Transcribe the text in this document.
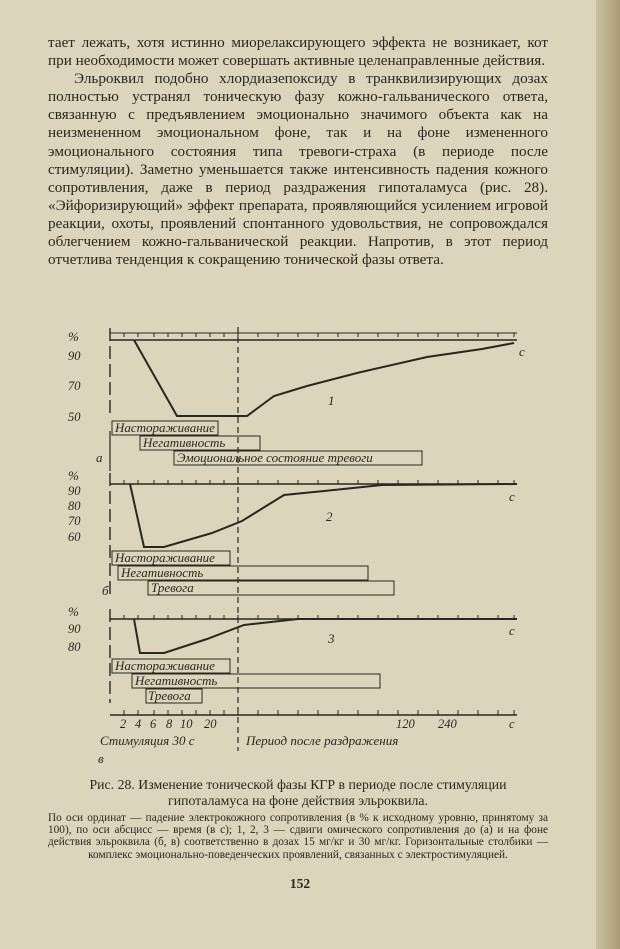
тает лежать, хотя истинно миорелаксирующего эффекта не возникает, кот при необходимости может совершать активные целенаправленные действия.

Эльроквил подобно хлордиазепоксиду в транквилизирующих дозах полностью устранял тоническую фазу кожно-гальванического ответа, связанную с предъявлением эмоционально значимого объекта как на неизмененном эмоциональном фоне, так и на фоне измененного эмоционального состояния типа тревоги-страха (в периоде после стимуляции). Заметно уменьшается также интенсивность падения кожного сопротивления, даже в период раздражения гипоталамуса (рис. 28). «Эйфоризирующий» эффект препарата, проявляющийся усилением игровой реакции, охоты, проявлений спонтанного удовольствия, не сопровождался облегчением кожно-гальванической реакции. Напротив, в этот период отчетлива тенденция к сокращению тонической фазы ответа.

%
90
70
50
1
c
Настораживание
Негативность
Эмоциональное состояние тревоги
а
%
90
80
70
60
2
c
Настораживание
Негативность
Тревога
б
%
90
80
3
c
Настораживание
Негативность
Тревога
2 4 6 8 10 20	120 240	c
Стимуляция 30 с	Период после раздражения
в
Рис. 28. Изменение тонической фазы КГР в периоде после стимуляции гипоталамуса на фоне действия эльроквила.
По оси ординат — падение электрокожного сопротивления (в % к исходному уровню, принятому за 100), по оси абсцисс — время (в с); 1, 2, 3 — сдвиги омического сопротивления до (а) и на фоне действия эльроквила (б, в) соответственно в дозах 15 мг/кг и 30 мг/кг. Горизонтальные столбики — комплекс эмоционально-поведенческих проявлений, связанных с электростимуляцией.
152
